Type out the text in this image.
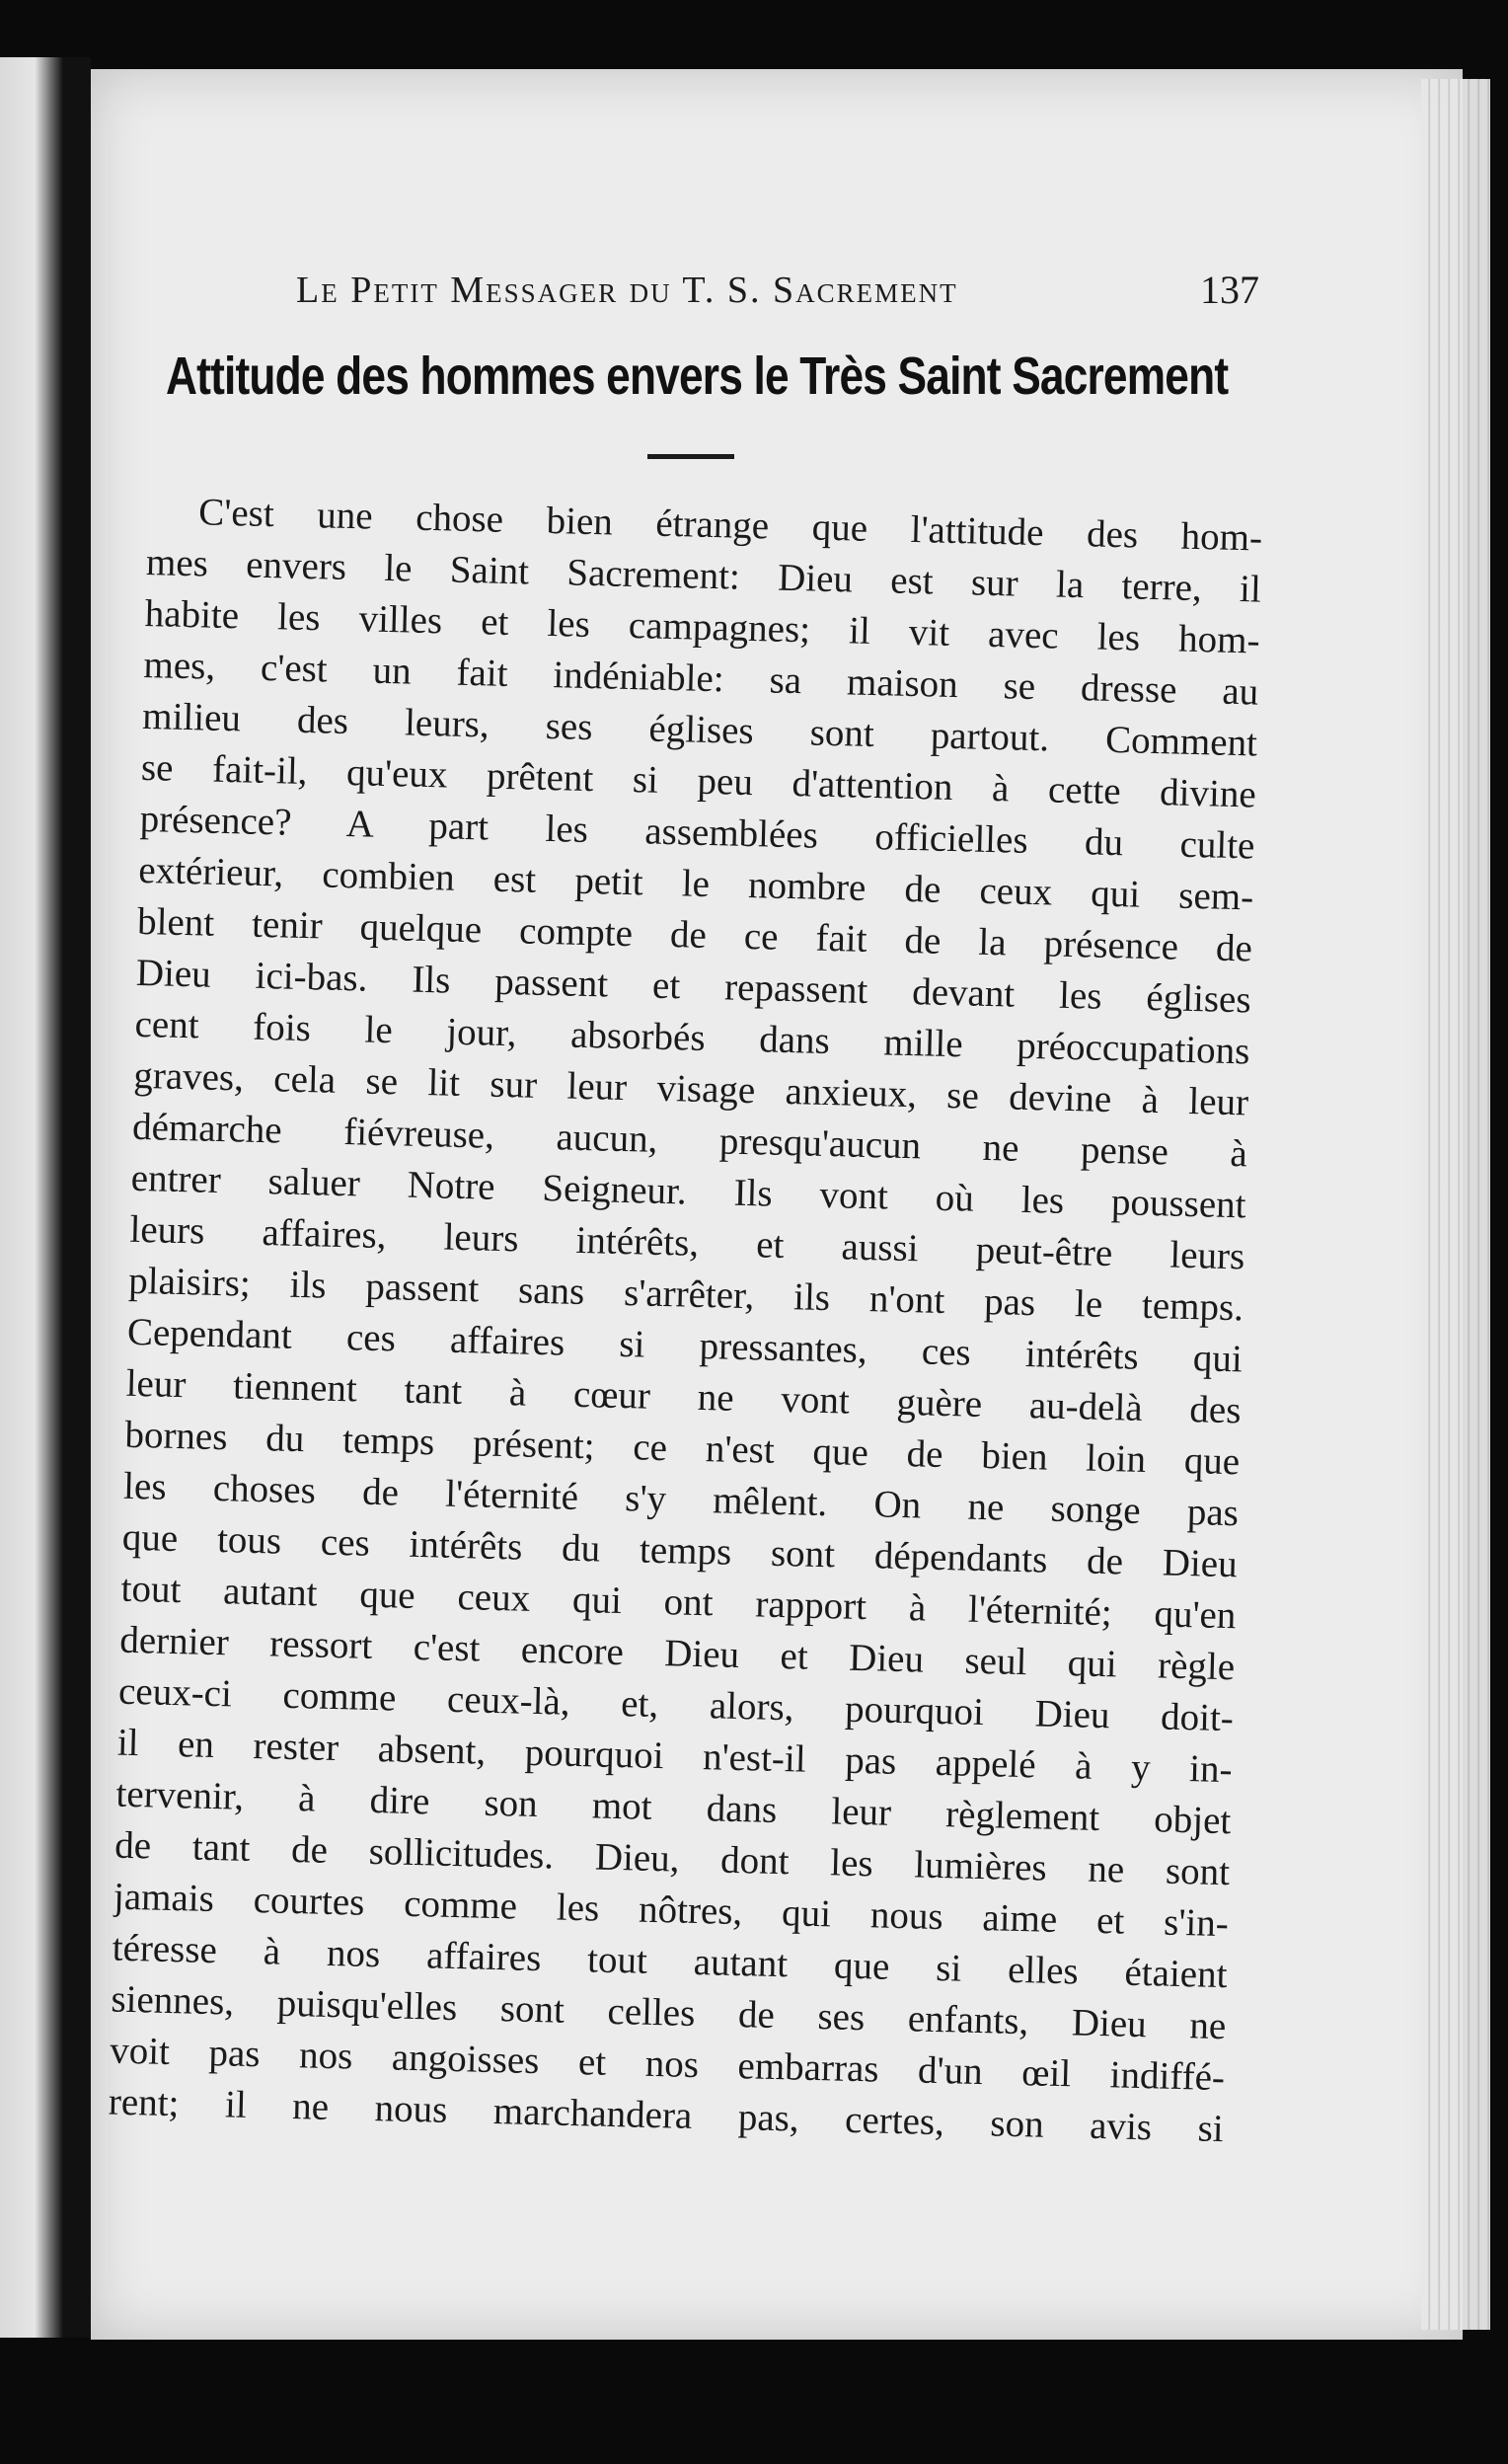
Le Petit Messager du T. S. Sacrement	137
Attitude des hommes envers le Très Saint Sacrement
C'est une chose bien étrange que l'attitude des hom-
mes envers le Saint Sacrement: Dieu est sur la terre, il
habite les villes et les campagnes; il vit avec les hom-
mes, c'est un fait indéniable: sa maison se dresse au
milieu des leurs, ses églises sont partout. Comment
se fait-il, qu'eux prêtent si peu d'attention à cette divine
présence? A part les assemblées officielles du culte
extérieur, combien est petit le nombre de ceux qui sem-
blent tenir quelque compte de ce fait de la présence de
Dieu ici-bas. Ils passent et repassent devant les églises
cent fois le jour, absorbés dans mille préoccupations
graves, cela se lit sur leur visage anxieux, se devine à leur
démarche fiévreuse, aucun, presqu'aucun ne pense à
entrer saluer Notre Seigneur. Ils vont où les poussent
leurs affaires, leurs intérêts, et aussi peut-être leurs
plaisirs; ils passent sans s'arrêter, ils n'ont pas le temps.
Cependant ces affaires si pressantes, ces intérêts qui
leur tiennent tant à cœur ne vont guère au-delà des
bornes du temps présent; ce n'est que de bien loin que
les choses de l'éternité s'y mêlent. On ne songe pas
que tous ces intérêts du temps sont dépendants de Dieu
tout autant que ceux qui ont rapport à l'éternité; qu'en
dernier ressort c'est encore Dieu et Dieu seul qui règle
ceux-ci comme ceux-là, et, alors, pourquoi Dieu doit-
il en rester absent, pourquoi n'est-il pas appelé à y in-
tervenir, à dire son mot dans leur règlement objet
de tant de sollicitudes. Dieu, dont les lumières ne sont
jamais courtes comme les nôtres, qui nous aime et s'in-
téresse à nos affaires tout autant que si elles étaient
siennes, puisqu'elles sont celles de ses enfants, Dieu ne
voit pas nos angoisses et nos embarras d'un œil indiffé-
rent; il ne nous marchandera pas, certes, son avis si
